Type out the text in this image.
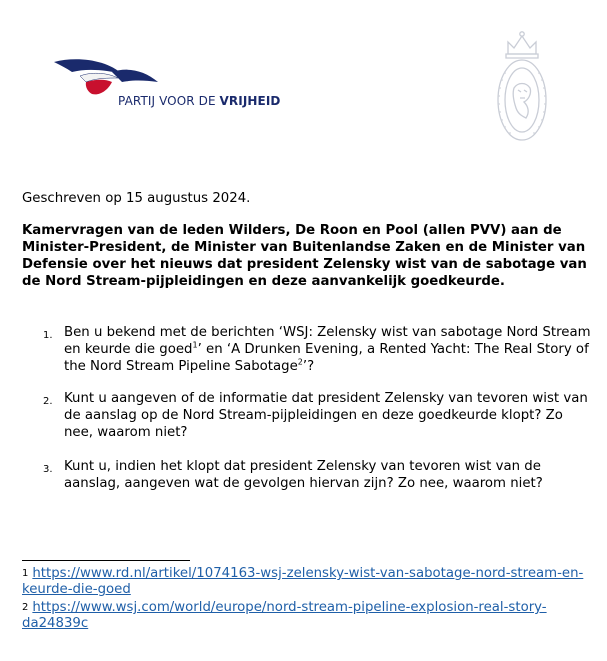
PARTIJ VOOR DE VRIJHEID
Geschreven op 15 augustus 2024.

Kamervragen van de leden Wilders, De Roon en Pool (allen PVV) aan de Minister-President, de Minister van Buitenlandse Zaken en de Minister van Defensie over het nieuws dat president Zelensky wist van de sabotage van de Nord Stream-pijpleidingen en deze aanvankelijk goedkeurde.

1. Ben u bekend met de berichten ‘WSJ: Zelensky wist van sabotage Nord Stream en keurde die goed$^1$’ en ‘A Drunken Evening, a Rented Yacht: The Real Story of the Nord Stream Pipeline Sabotage$^2$’?
2. Kunt u aangeven of de informatie dat president Zelensky van tevoren wist van de aanslag op de Nord Stream-pijpleidingen en deze goedkeurde klopt? Zo nee, waarom niet?
3. Kunt u, indien het klopt dat president Zelensky van tevoren wist van de aanslag, aangeven wat de gevolgen hiervan zijn? Zo nee, waarom niet?
$^1$ https://www.rd.nl/artikel/1074163-wsj-zelensky-wist-van-sabotage-nord-stream-en-keurde-die-goed
$^2$ https://www.wsj.com/world/europe/nord-stream-pipeline-explosion-real-story-da24839c
